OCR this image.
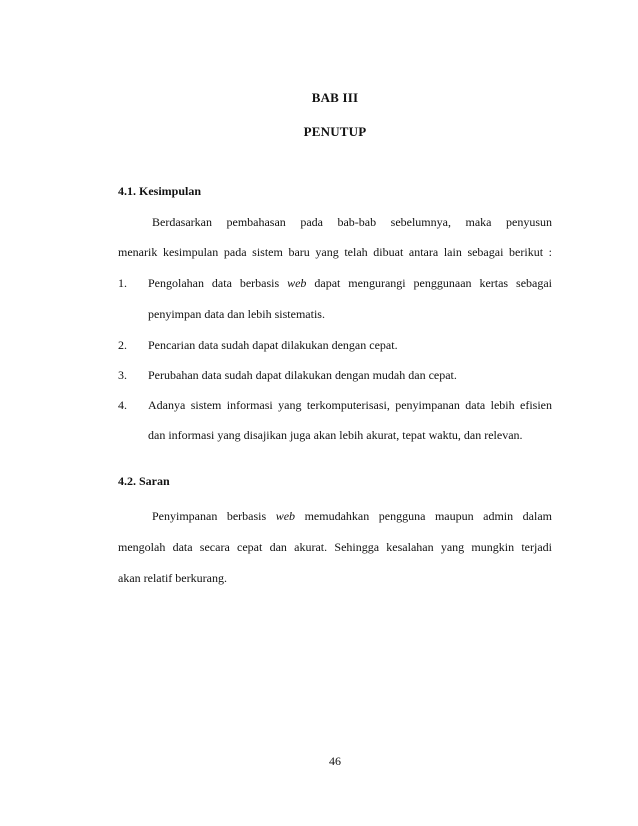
BAB III
PENUTUP
4.1. Kesimpulan
Berdasarkan pembahasan pada bab-bab sebelumnya, maka penyusun
menarik kesimpulan pada sistem baru yang telah dibuat antara lain sebagai berikut :
1. Pengolahan data berbasis web dapat mengurangi penggunaan kertas sebagai
penyimpan data dan lebih sistematis.
2. Pencarian data sudah dapat dilakukan dengan cepat.
3. Perubahan data sudah dapat dilakukan dengan mudah dan cepat.
4. Adanya sistem informasi yang terkomputerisasi, penyimpanan data lebih efisien
dan informasi yang disajikan juga akan lebih akurat, tepat waktu, dan relevan.
4.2. Saran
Penyimpanan berbasis web memudahkan pengguna maupun admin dalam
mengolah data secara cepat dan akurat. Sehingga kesalahan yang mungkin terjadi
akan relatif berkurang.
46
